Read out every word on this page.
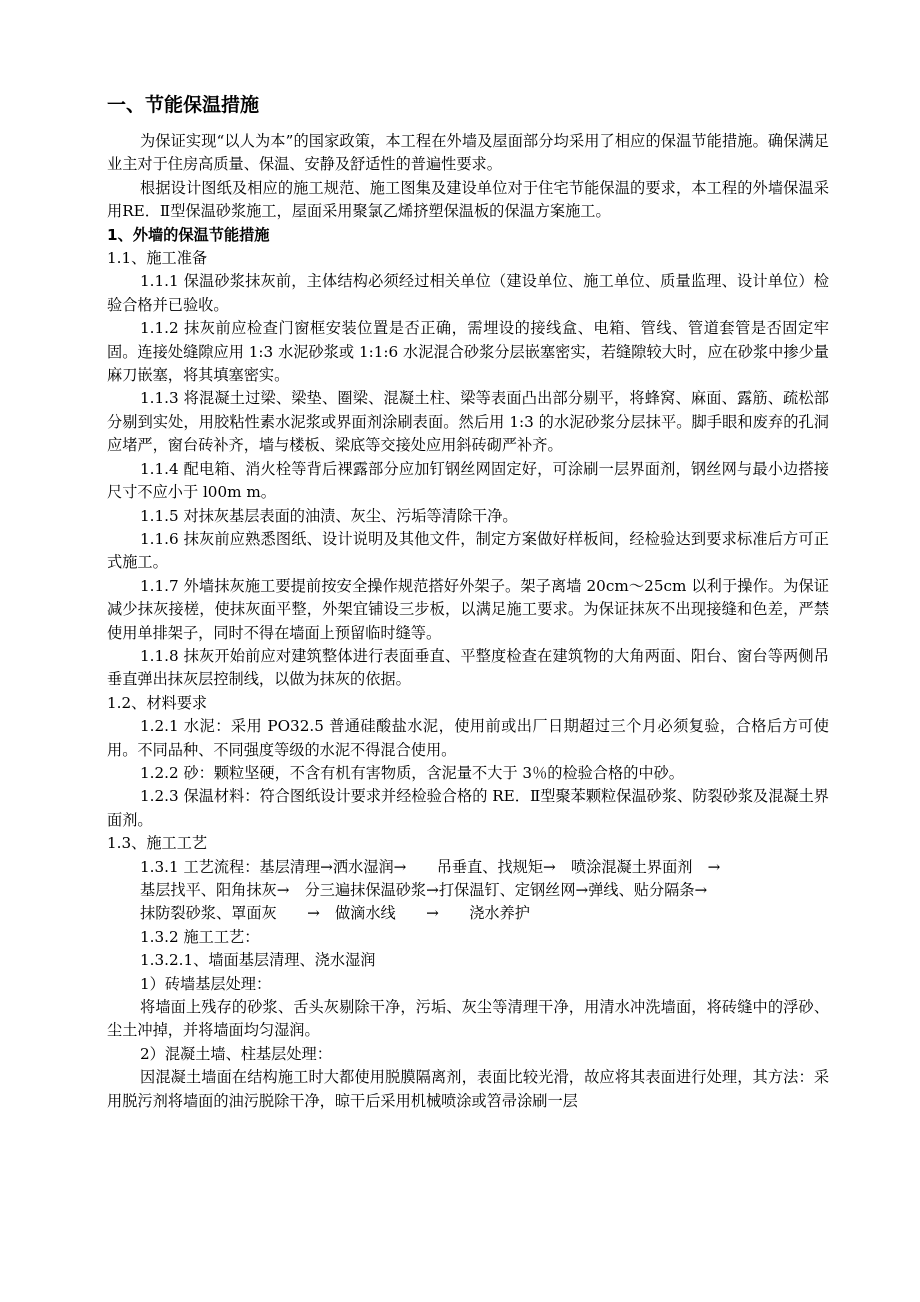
一、节能保温措施

为保证实现“以人为本”的国家政策，本工程在外墙及屋面部分均采用了相应的保温节能措施。确保满足业主对于住房高质量、保温、安静及舒适性的普遍性要求。

根据设计图纸及相应的施工规范、施工图集及建设单位对于住宅节能保温的要求，本工程的外墙保温采用RE．Ⅱ型保温砂浆施工，屋面采用聚氯乙烯挤塑保温板的保温方案施工。

1、外墙的保温节能措施
1.1、施工准备

1.1.1 保温砂浆抹灰前，主体结构必须经过相关单位（建设单位、施工单位、质量监理、设计单位）检验合格并已验收。

1.1.2 抹灰前应检查门窗框安装位置是否正确，需埋设的接线盒、电箱、管线、管道套管是否固定牢固。连接处缝隙应用 1:3 水泥砂浆或 1:1:6 水泥混合砂浆分层嵌塞密实，若缝隙较大时，应在砂浆中掺少量麻刀嵌塞，将其填塞密实。

1.1.3 将混凝土过梁、梁垫、圈梁、混凝土柱、梁等表面凸出部分剔平，将蜂窝、麻面、露筋、疏松部分剔到实处，用胶粘性素水泥浆或界面剂涂刷表面。然后用 1:3 的水泥砂浆分层抹平。脚手眼和废弃的孔洞应堵严，窗台砖补齐，墙与楼板、梁底等交接处应用斜砖砌严补齐。

1.1.4 配电箱、消火栓等背后裸露部分应加钉钢丝网固定好，可涂刷一层界面剂，钢丝网与最小边搭接尺寸不应小于 l00m m。

1.1.5 对抹灰基层表面的油渍、灰尘、污垢等清除干净。

1.1.6 抹灰前应熟悉图纸、设计说明及其他文件，制定方案做好样板间，经检验达到要求标准后方可正式施工。

1.1.7 外墙抹灰施工要提前按安全操作规范搭好外架子。架子离墙 20cm～25cm 以利于操作。为保证减少抹灰接槎，使抹灰面平整，外架宜铺设三步板，以满足施工要求。为保证抹灰不出现接缝和色差，严禁使用单排架子，同时不得在墙面上预留临时缝等。

1.1.8 抹灰开始前应对建筑整体进行表面垂直、平整度检查在建筑物的大角两面、阳台、窗台等两侧吊垂直弹出抹灰层控制线，以做为抹灰的依据。

1.2、材料要求

1.2.1 水泥：采用 PO32.5 普通硅酸盐水泥，使用前或出厂日期超过三个月必须复验，合格后方可使用。不同品种、不同强度等级的水泥不得混合使用。

1.2.2 砂：颗粒坚硬，不含有机有害物质，含泥量不大于 3％的检验合格的中砂。

1.2.3 保温材料：符合图纸设计要求并经检验合格的 RE．Ⅱ型聚苯颗粒保温砂浆、防裂砂浆及混凝土界面剂。

1.3、施工工艺
1.3.1 工艺流程：基层清理→洒水湿润→　　吊垂直、找规矩→　喷涂混凝土界面剂　→
基层找平、阳角抹灰→　分三遍抹保温砂浆→打保温钉、定钢丝网→弹线、贴分隔条→
抹防裂砂浆、罩面灰　　→　做滴水线　　→　　浇水养护

1.3.2 施工工艺：

1.3.2.1、墙面基层清理、浇水湿润

1）砖墙基层处理：

将墙面上残存的砂浆、舌头灰剔除干净，污垢、灰尘等清理干净，用清水冲洗墙面，将砖缝中的浮砂、尘土冲掉，并将墙面均匀湿润。

2）混凝土墙、柱基层处理：

因混凝土墙面在结构施工时大都使用脱膜隔离剂，表面比较光滑，故应将其表面进行处理，其方法：采用脱污剂将墙面的油污脱除干净，晾干后采用机械喷涂或笤帚涂刷一层
